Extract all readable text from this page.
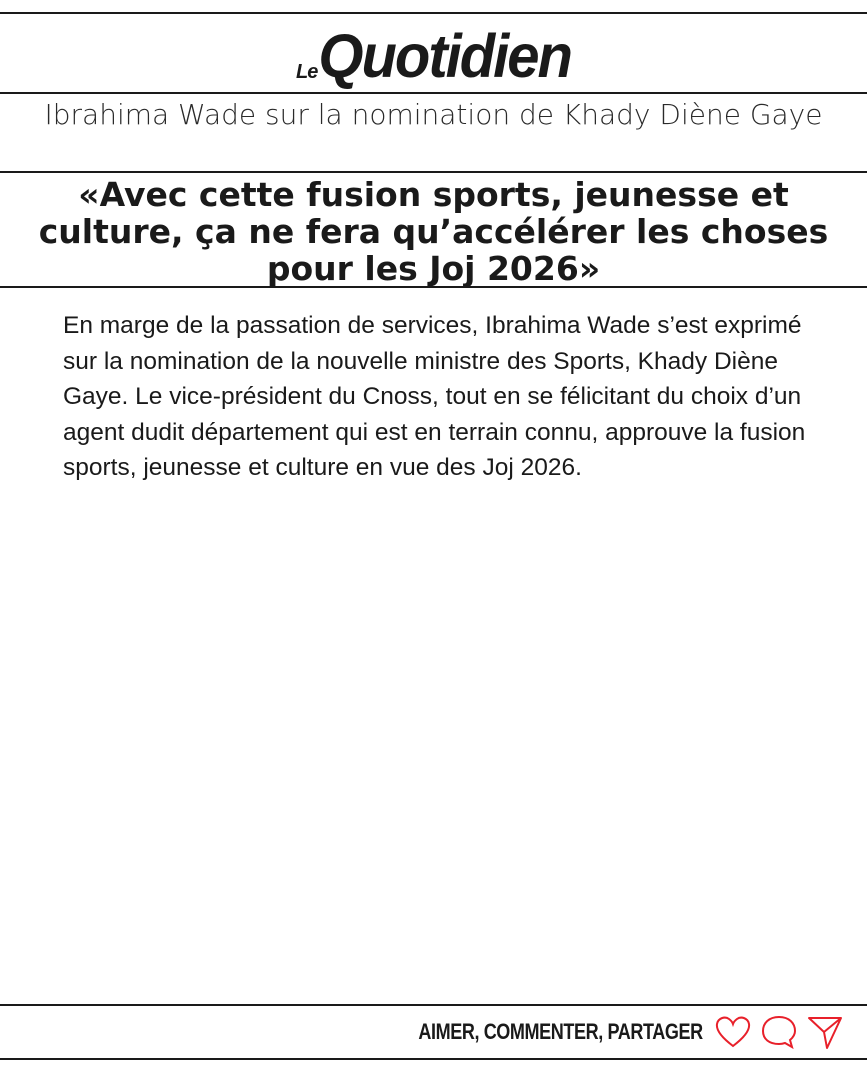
Le Quotidien
Ibrahima Wade sur la nomination de Khady Diène Gaye
«Avec cette fusion sports, jeunesse et culture, ça ne fera qu’accélérer les choses pour les Joj 2026»
En marge de la passation de services, Ibrahima Wade s’est exprimé sur la nomination de la nouvelle ministre des Sports, Khady Diène Gaye. Le vice-président du Cnoss, tout en se félicitant du choix d’un agent dudit département qui est en terrain connu, approuve la fusion sports, jeunesse et culture en vue des Joj 2026.
AIMER, COMMENTER, PARTAGER
